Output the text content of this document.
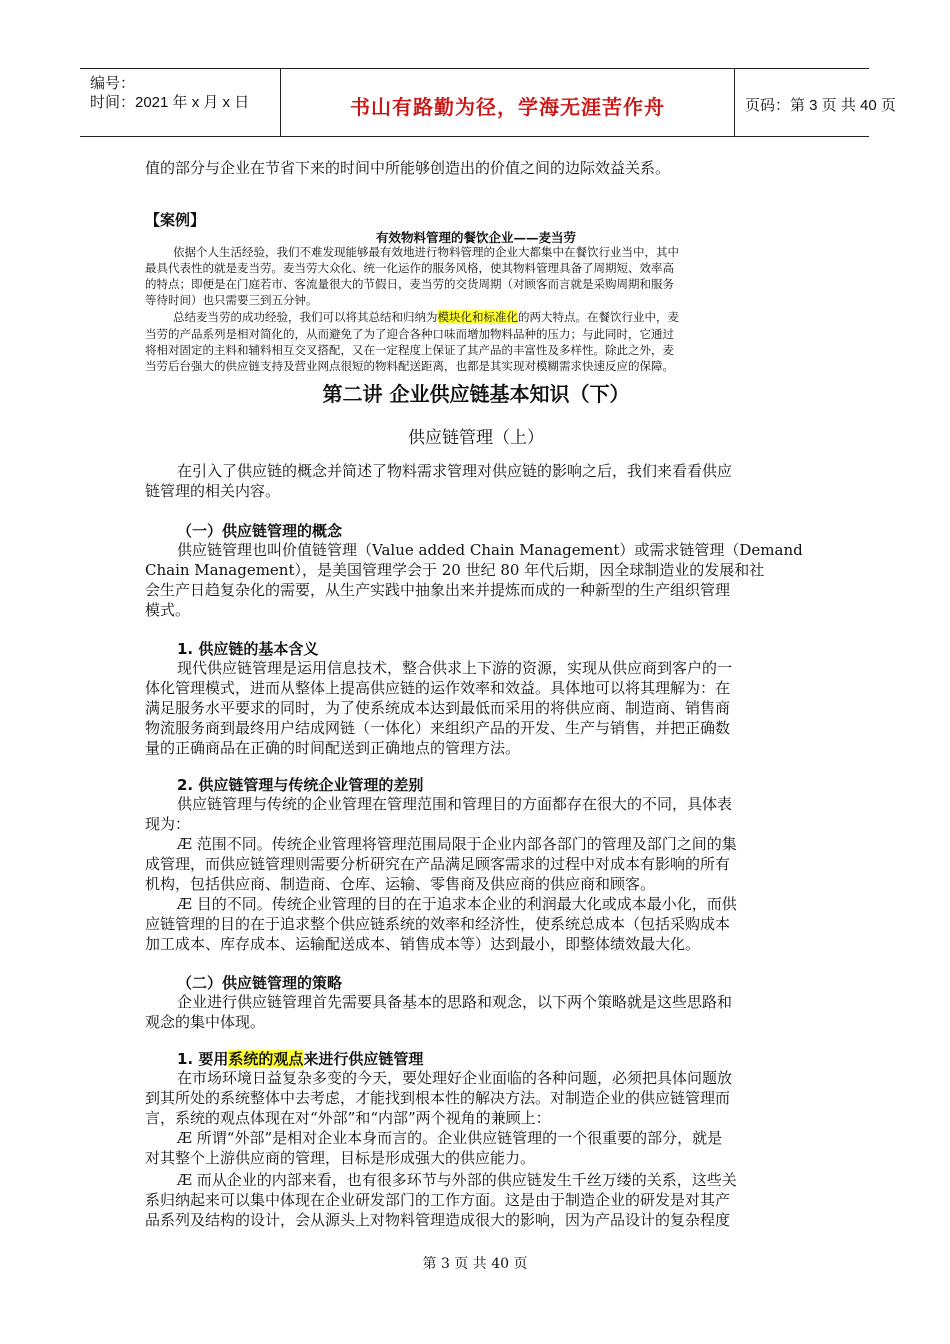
编号：
时间：2021 年 x 月 x 日	书山有路勤为径，学海无涯苦作舟	页码：第 3 页 共 40 页
值的部分与企业在节省下来的时间中所能够创造出的价值之间的边际效益关系。
【案例】
有效物料管理的餐饮企业——麦当劳
依据个人生活经验，我们不难发现能够最有效地进行物料管理的企业大都集中在餐饮行业当中，其中
最具代表性的就是麦当劳。麦当劳大众化、统一化运作的服务风格，使其物料管理具备了周期短、效率高
的特点；即便是在门庭若市、客流量很大的节假日，麦当劳的交货周期（对顾客而言就是采购周期和服务
等待时间）也只需要三到五分钟。
总结麦当劳的成功经验，我们可以将其总结和归纳为模块化和标准化的两大特点。在餐饮行业中，麦
当劳的产品系列是相对简化的，从而避免了为了迎合各种口味而增加物料品种的压力；与此同时，它通过
将相对固定的主料和辅料相互交叉搭配，又在一定程度上保证了其产品的丰富性及多样性。除此之外，麦
当劳后台强大的供应链支持及营业网点很短的物料配送距离，也都是其实现对模糊需求快速反应的保障。
第二讲 企业供应链基本知识（下）
供应链管理（上）
在引入了供应链的概念并简述了物料需求管理对供应链的影响之后，我们来看看供应
链管理的相关内容。
（一）供应链管理的概念
供应链管理也叫价值链管理（Value added Chain Management）或需求链管理（Demand
Chain Management），是美国管理学会于 20 世纪 80 年代后期，因全球制造业的发展和社
会生产日趋复杂化的需要，从生产实践中抽象出来并提炼而成的一种新型的生产组织管理
模式。
1. 供应链的基本含义
现代供应链管理是运用信息技术，整合供求上下游的资源，实现从供应商到客户的一
体化管理模式，进而从整体上提高供应链的运作效率和效益。具体地可以将其理解为：在
满足服务水平要求的同时，为了使系统成本达到最低而采用的将供应商、制造商、销售商
物流服务商到最终用户结成网链（一体化）来组织产品的开发、生产与销售，并把正确数
量的正确商品在正确的时间配送到正确地点的管理方法。
2. 供应链管理与传统企业管理的差别
供应链管理与传统的企业管理在管理范围和管理目的方面都存在很大的不同，具体表
现为：
Æ 范围不同。传统企业管理将管理范围局限于企业内部各部门的管理及部门之间的集
成管理，而供应链管理则需要分析研究在产品满足顾客需求的过程中对成本有影响的所有
机构，包括供应商、制造商、仓库、运输、零售商及供应商的供应商和顾客。
Æ 目的不同。传统企业管理的目的在于追求本企业的利润最大化或成本最小化，而供
应链管理的目的在于追求整个供应链系统的效率和经济性，使系统总成本（包括采购成本
加工成本、库存成本、运输配送成本、销售成本等）达到最小，即整体绩效最大化。
（二）供应链管理的策略
企业进行供应链管理首先需要具备基本的思路和观念，以下两个策略就是这些思路和
观念的集中体现。
1. 要用系统的观点来进行供应链管理
在市场环境日益复杂多变的今天，要处理好企业面临的各种问题，必须把具体问题放
到其所处的系统整体中去考虑，才能找到根本性的解决方法。对制造企业的供应链管理而
言，系统的观点体现在对“外部”和“内部”两个视角的兼顾上：
Æ 所谓“外部”是相对企业本身而言的。企业供应链管理的一个很重要的部分，就是
对其整个上游供应商的管理，目标是形成强大的供应能力。
Æ 而从企业的内部来看，也有很多环节与外部的供应链发生千丝万缕的关系，这些关
系归纳起来可以集中体现在企业研发部门的工作方面。这是由于制造企业的研发是对其产
品系列及结构的设计，会从源头上对物料管理造成很大的影响，因为产品设计的复杂程度
第 3 页 共 40 页
